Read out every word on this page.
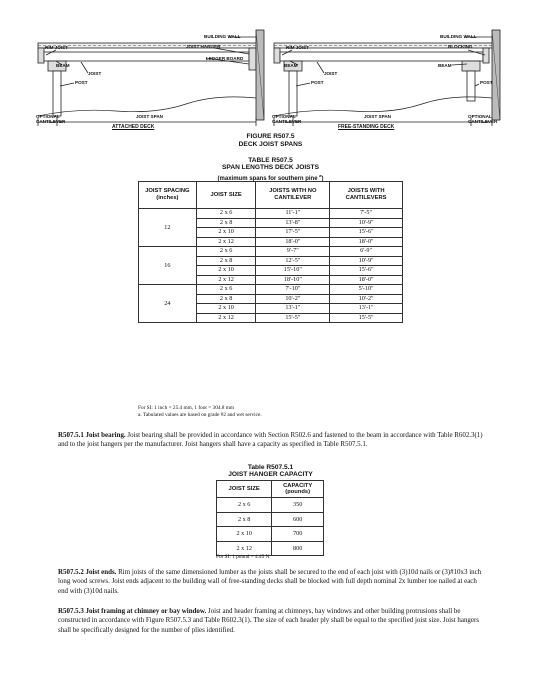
BUILDING WALL
RIM JOIST	JOIST HANGER
BEAM
JOIST
LEDGER BOARD
POST
OPTIONAL CANTILEVER
JOIST SPAN
ATTACHED DECK
BUILDING WALL
RIM JOIST	BLOCKING
BEAM	BEAM
JOIST
POST	POST
OPTIONAL CANTILEVER
JOIST SPAN	OPTIONAL CANTILEVER
FREE-STANDING DECK
FIGURE R507.5
DECK JOIST SPANS
TABLE R507.5
SPAN LENGTHS DECK JOISTS
(maximum spans for southern pine $^a$)
JOIST SPACING (inches)	JOIST SIZE	JOISTS WITH NO CANTILEVER	JOISTS WITH CANTILEVERS
12	2 x 6	11'-1"	7'-5"
	2 x 8	13'-8"	10'-9"
	2 x 10	17'-5"	15'-6"
	2 x 12	18'-0"	18'-0"
16	2 x 6	9'-7"	6'-9"
	2 x 8	12'-5"	10'-9"
	2 x 10	15'-10"	15'-6"
	2 x 12	18'-10"	18'-0"
24	2 x 6	7'-10"	5'-10"
	2 x 8	10'-2"	10'-2"
	2 x 10	13'-1"	13'-1"
	2 x 12	15'-5"	15'-5"
For SI: 1 inch = 25.4 mm, 1 foot = 304.8 mm
a. Tabulated values are based on grade #2 and wet service.

R507.5.1 Joist bearing. Joist bearing shall be provided in accordance with Section R502.6 and fastened to the beam in accordance with Table R602.3(1) and to the joist hangers per the manufacturer. Joist hangers shall have a capacity as specified in Table R507.5.1.

Table R507.5.1
JOIST HANGER CAPACITY
JOIST SIZE	CAPACITY (pounds)
2 x 6	350
2 x 8	600
2 x 10	700
2 x 12	800
For SI: 1 pound = 4.45 N

R507.5.2 Joist ends. Rim joists of the same dimensioned lumber as the joists shall be secured to the end of each joist with (3)10d nails or (3)#10x3 inch long wood screws. Joist ends adjacent to the building wall of free-standing decks shall be blocked with full depth nominal 2x lumber toe nailed at each end with (3)10d nails.

R507.5.3 Joist framing at chimney or bay window. Joist and header framing at chimneys, bay windows and other building protrusions shall be constructed in accordance with Figure R507.5.3 and Table R602.3(1). The size of each header ply shall be equal to the specified joist size. Joist hangers shall be specifically designed for the number of plies identified.
